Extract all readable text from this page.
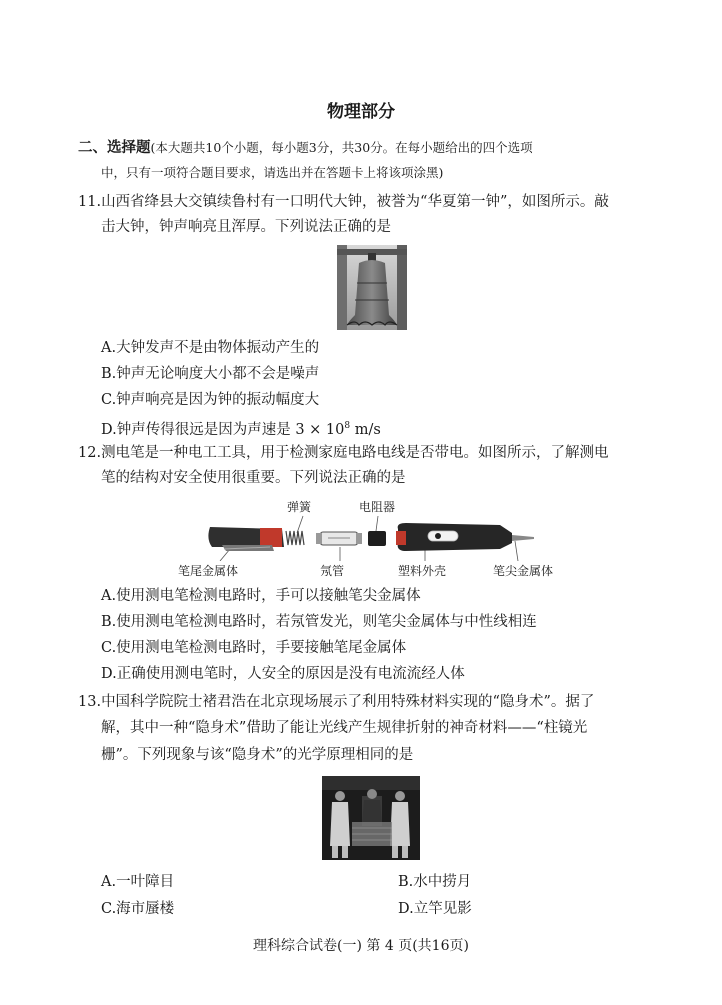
物理部分
二、选择题(本大题共10个小题，每小题3分，共30分。在每小题给出的四个选项
中，只有一项符合题目要求，请选出并在答题卡上将该项涂黑)
11.山西省绛县大交镇续鲁村有一口明代大钟，被誉为“华夏第一钟”，如图所示。敲
击大钟，钟声响亮且浑厚。下列说法正确的是
A.大钟发声不是由物体振动产生的
B.钟声无论响度大小都不会是噪声
C.钟声响亮是因为钟的振动幅度大
D.钟声传得很远是因为声速是 $3 \times 10^8$ m/s
12.测电笔是一种电工工具，用于检测家庭电路电线是否带电。如图所示，了解测电
笔的结构对安全使用很重要。下列说法正确的是
弹簧	电阻器
笔尾金属体	氖管	塑料外壳	笔尖金属体
A.使用测电笔检测电路时，手可以接触笔尖金属体
B.使用测电笔检测电路时，若氖管发光，则笔尖金属体与中性线相连
C.使用测电笔检测电路时，手要接触笔尾金属体
D.正确使用测电笔时，人安全的原因是没有电流流经人体
13.中国科学院院士褚君浩在北京现场展示了利用特殊材料实现的“隐身术”。据了
解，其中一种“隐身术”借助了能让光线产生规律折射的神奇材料——“柱镜光
栅”。下列现象与该“隐身术”的光学原理相同的是
A.一叶障目	B.水中捞月
C.海市蜃楼	D.立竿见影
理科综合试卷(一) 第 4 页(共16页)
